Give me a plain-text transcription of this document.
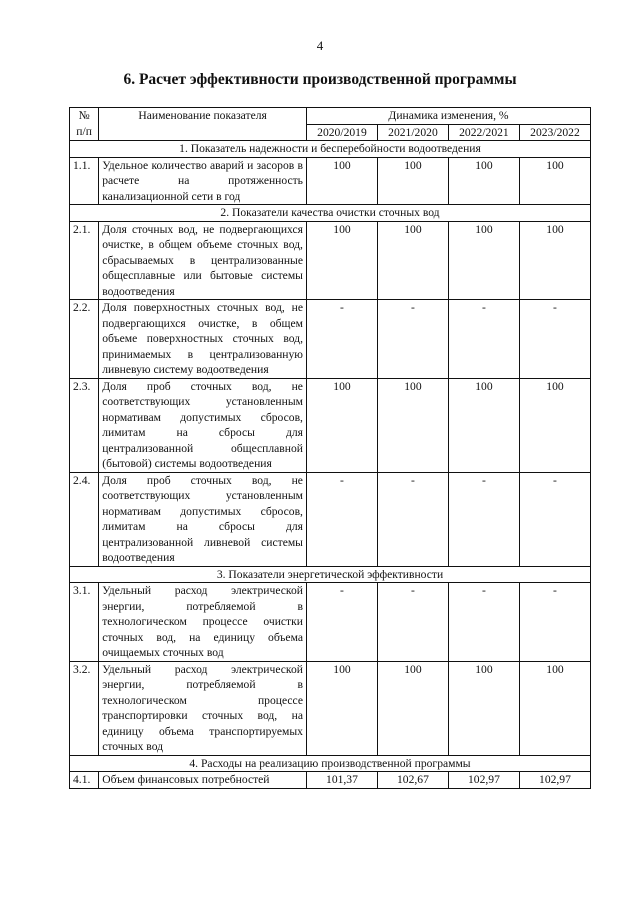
4
6. Расчет эффективности производственной программы
№
п/п	Наименование показателя	Динамика изменения, %			
		2020/2019	2021/2020	2022/2021	2023/2022
1. Показатель надежности и бесперебойности водоотведения					
1.1.	Удельное количество аварий и засоров в расчете на протяженность канализационной сети в год	100	100	100	100
2. Показатели качества очистки сточных вод					
2.1.	Доля сточных вод, не подвергающихся очистке, в общем объеме сточных вод, сбрасываемых в централизованные общесплавные или бытовые системы водоотведения	100	100	100	100
2.2.	Доля поверхностных сточных вод, не подвергающихся очистке, в общем объеме поверхностных сточных вод, принимаемых в централизованную ливневую систему водоотведения	-	-	-	-
2.3.	Доля проб сточных вод, не соответствующих установленным нормативам допустимых сбросов, лимитам на сбросы для централизованной общесплавной (бытовой) системы водоотведения	100	100	100	100
2.4.	Доля проб сточных вод, не соответствующих установленным нормативам допустимых сбросов, лимитам на сбросы для централизованной ливневой системы водоотведения	-	-	-	-
3. Показатели энергетической эффективности					
3.1.	Удельный расход электрической энергии, потребляемой в технологическом процессе очистки сточных вод, на единицу объема очищаемых сточных вод	-	-	-	-
3.2.	Удельный расход электрической энергии, потребляемой в технологическом процессе транспортировки сточных вод, на единицу объема транспортируемых сточных вод	100	100	100	100
4. Расходы на реализацию производственной программы					
4.1.	Объем финансовых потребностей	101,37	102,67	102,97	102,97
